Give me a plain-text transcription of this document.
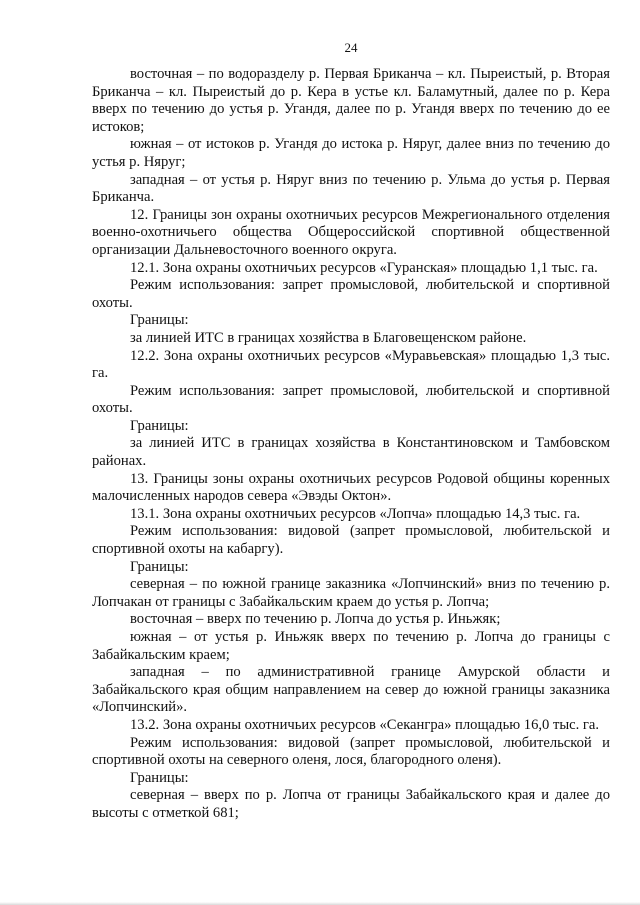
24

восточная – по водоразделу р. Первая Бриканча – кл. Пыреистый, р. Вторая Бриканча – кл. Пыреистый до р. Кера в устье кл. Баламутный, далее по р. Кера вверх по течению до устья р. Угандя, далее по р. Угандя вверх по течению до ее истоков;

южная – от истоков р. Угандя до истока р. Няруг, далее вниз по течению до устья р. Няруг;

западная – от устья р. Няруг вниз по течению р. Ульма до устья р. Первая Бриканча.

12. Границы зон охраны охотничьих ресурсов Межрегионального отделения военно-охотничьего общества Общероссийской спортивной общественной организации Дальневосточного военного округа.

12.1. Зона охраны охотничьих ресурсов «Гуранская» площадью 1,1 тыс. га.

Режим использования: запрет промысловой, любительской и спортивной охоты.

Границы:

за линией ИТС в границах хозяйства в Благовещенском районе.

12.2. Зона охраны охотничьих ресурсов «Муравьевская» площадью 1,3 тыс. га.

Режим использования: запрет промысловой, любительской и спортивной охоты.

Границы:

за линией ИТС в границах хозяйства в Константиновском и Тамбовском районах.

13. Границы зоны охраны охотничьих ресурсов Родовой общины коренных малочисленных народов севера «Эвэды Октон».

13.1. Зона охраны охотничьих ресурсов «Лопча» площадью 14,3 тыс. га.

Режим использования: видовой (запрет промысловой, любительской и спортивной охоты на кабаргу).

Границы:

северная – по южной границе заказника «Лопчинский» вниз по течению р. Лопчакан от границы с Забайкальским краем до устья р. Лопча;

восточная – вверх по течению р. Лопча до устья р. Иньжяк;

южная – от устья р. Иньжяк вверх по течению р. Лопча до границы с Забайкальским краем;

западная – по административной границе Амурской области и Забайкальского края общим направлением на север до южной границы заказника «Лопчинский».

13.2. Зона охраны охотничьих ресурсов «Секангра» площадью 16,0 тыс. га.

Режим использования: видовой (запрет промысловой, любительской и спортивной охоты на северного оленя, лося, благородного оленя).

Границы:

северная – вверх по р. Лопча от границы Забайкальского края и далее до высоты с отметкой 681;
